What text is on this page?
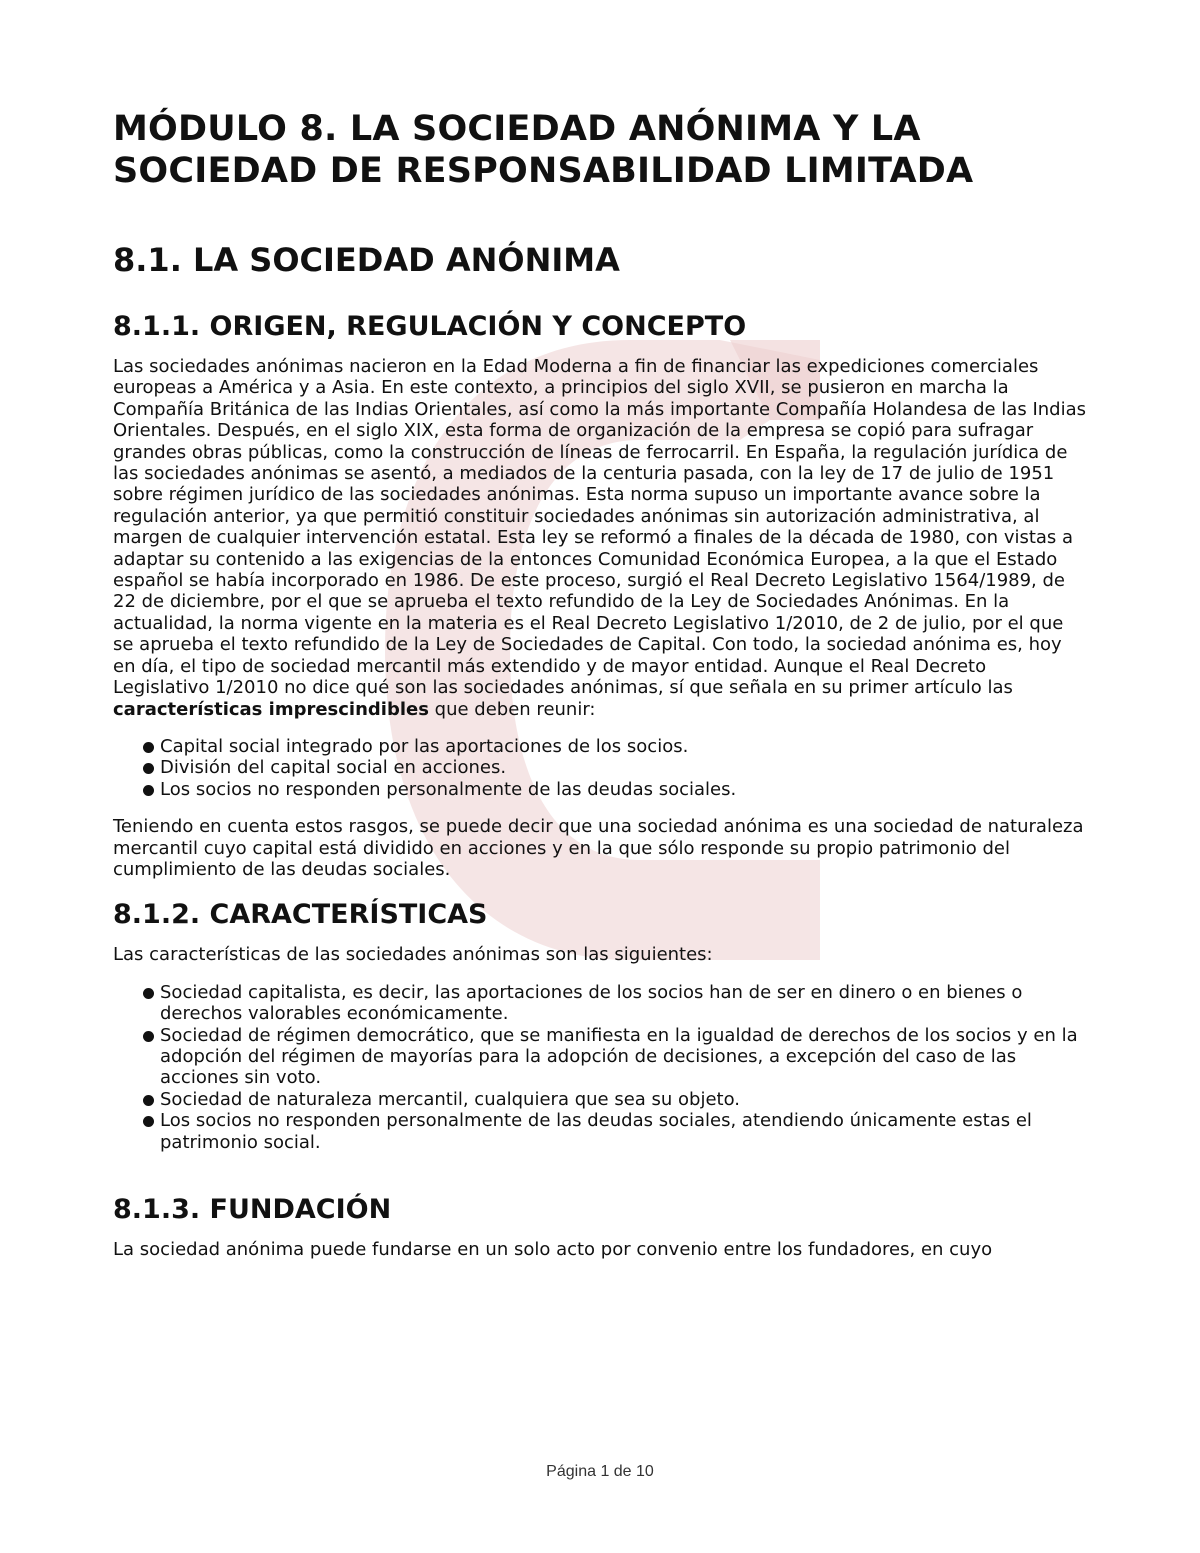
MÓDULO 8. LA SOCIEDAD ANÓNIMA Y LA SOCIEDAD DE RESPONSABILIDAD LIMITADA
8.1. LA SOCIEDAD ANÓNIMA
8.1.1. ORIGEN, REGULACIÓN Y CONCEPTO

Las sociedades anónimas nacieron en la Edad Moderna a fin de financiar las expediciones comerciales europeas a América y a Asia. En este contexto, a principios del siglo XVII, se pusieron en marcha la Compañía Británica de las Indias Orientales, así como la más importante Compañía Holandesa de las Indias Orientales. Después, en el siglo XIX, esta forma de organización de la empresa se copió para sufragar grandes obras públicas, como la construcción de líneas de ferrocarril. En España, la regulación jurídica de las sociedades anónimas se asentó, a mediados de la centuria pasada, con la ley de 17 de julio de 1951 sobre régimen jurídico de las sociedades anónimas. Esta norma supuso un importante avance sobre la regulación anterior, ya que permitió constituir sociedades anónimas sin autorización administrativa, al margen de cualquier intervención estatal. Esta ley se reformó a finales de la década de 1980, con vistas a adaptar su contenido a las exigencias de la entonces Comunidad Económica Europea, a la que el Estado español se había incorporado en 1986. De este proceso, surgió el Real Decreto Legislativo 1564/1989, de 22 de diciembre, por el que se aprueba el texto refundido de la Ley de Sociedades Anónimas. En la actualidad, la norma vigente en la materia es el Real Decreto Legislativo 1/2010, de 2 de julio, por el que se aprueba el texto refundido de la Ley de Sociedades de Capital. Con todo, la sociedad anónima es, hoy en día, el tipo de sociedad mercantil más extendido y de mayor entidad. Aunque el Real Decreto Legislativo 1/2010 no dice qué son las sociedades anónimas, sí que señala en su primer artículo las características imprescindibles que deben reunir:

Capital social integrado por las aportaciones de los socios.
División del capital social en acciones.
Los socios no responden personalmente de las deudas sociales.

Teniendo en cuenta estos rasgos, se puede decir que una sociedad anónima es una sociedad de naturaleza mercantil cuyo capital está dividido en acciones y en la que sólo responde su propio patrimonio del cumplimiento de las deudas sociales.

8.1.2. CARACTERÍSTICAS

Las características de las sociedades anónimas son las siguientes:

Sociedad capitalista, es decir, las aportaciones de los socios han de ser en dinero o en bienes o derechos valorables económicamente.
Sociedad de régimen democrático, que se manifiesta en la igualdad de derechos de los socios y en la adopción del régimen de mayorías para la adopción de decisiones, a excepción del caso de las acciones sin voto.
Sociedad de naturaleza mercantil, cualquiera que sea su objeto.
Los socios no responden personalmente de las deudas sociales, atendiendo únicamente estas el patrimonio social.
8.1.3. FUNDACIÓN

La sociedad anónima puede fundarse en un solo acto por convenio entre los fundadores, en cuyo

Página 1 de 10
